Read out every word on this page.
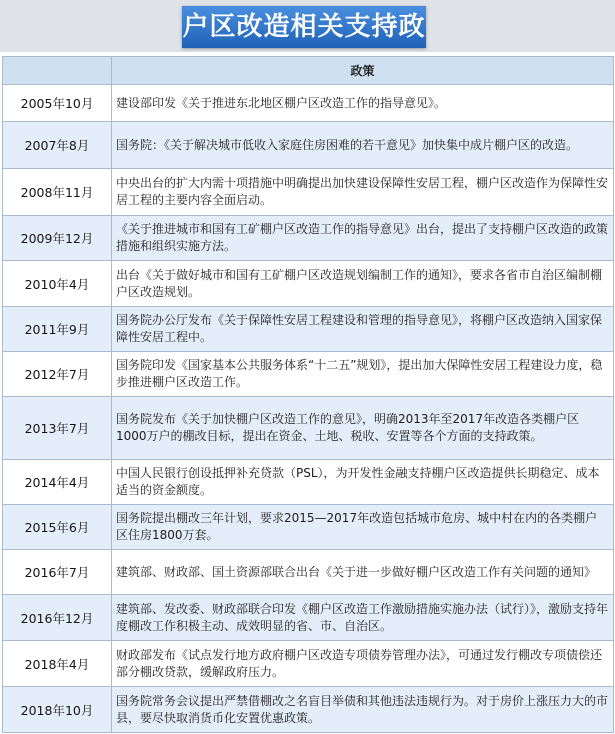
户区改造相关支持政
	政策
2005年10月	建设部印发《关于推进东北地区棚户区改造工作的指导意见》。
2007年8月	国务院：《关于解决城市低收入家庭住房困难的若干意见》加快集中成片棚户区的改造。
2008年11月	中央出台的扩大内需十项措施中明确提出加快建设保障性安居工程，棚户区改造作为保障性安居工程的主要内容全面启动。
2009年12月	《关于推进城市和国有工矿棚户区改造工作的指导意见》出台，提出了支持棚户区改造的政策措施和组织实施方法。
2010年4月	出台《关于做好城市和国有工矿棚户区改造规划编制工作的通知》，要求各省市自治区编制棚户区改造规划。
2011年9月	国务院办公厅发布《关于保障性安居工程建设和管理的指导意见》，将棚户区改造纳入国家保障性安居工程中。
2012年7月	国务院印发《国家基本公共服务体系“十二五”规划》，提出加大保障性安居工程建设力度，稳步推进棚户区改造工作。
2013年7月	国务院发布《关于加快棚户区改造工作的意见》，明确2013年至2017年改造各类棚户区1000万户的棚改目标，提出在资金、土地、税收、安置等各个方面的支持政策。
2014年4月	中国人民银行创设抵押补充贷款（PSL），为开发性金融支持棚户区改造提供长期稳定、成本适当的资金额度。
2015年6月	国务院提出棚改三年计划，要求2015—2017年改造包括城市危房、城中村在内的各类棚户区住房1800万套。
2016年7月	建筑部、财政部、国土资源部联合出台《关于进一步做好棚户区改造工作有关问题的通知》
2016年12月	建筑部、发改委、财政部联合印发《棚户区改造工作激励措施实施办法（试行）》，激励支持年度棚改工作积极主动、成效明显的省、市、自治区。
2018年4月	财政部发布《试点发行地方政府棚户区改造专项债券管理办法》，可通过发行棚改专项债偿还部分棚改贷款，缓解政府压力。
2018年10月	国务院常务会议提出严禁借棚改之名盲目举债和其他违法违规行为。对于房价上涨压力大的市县，要尽快取消货币化安置优惠政策。
